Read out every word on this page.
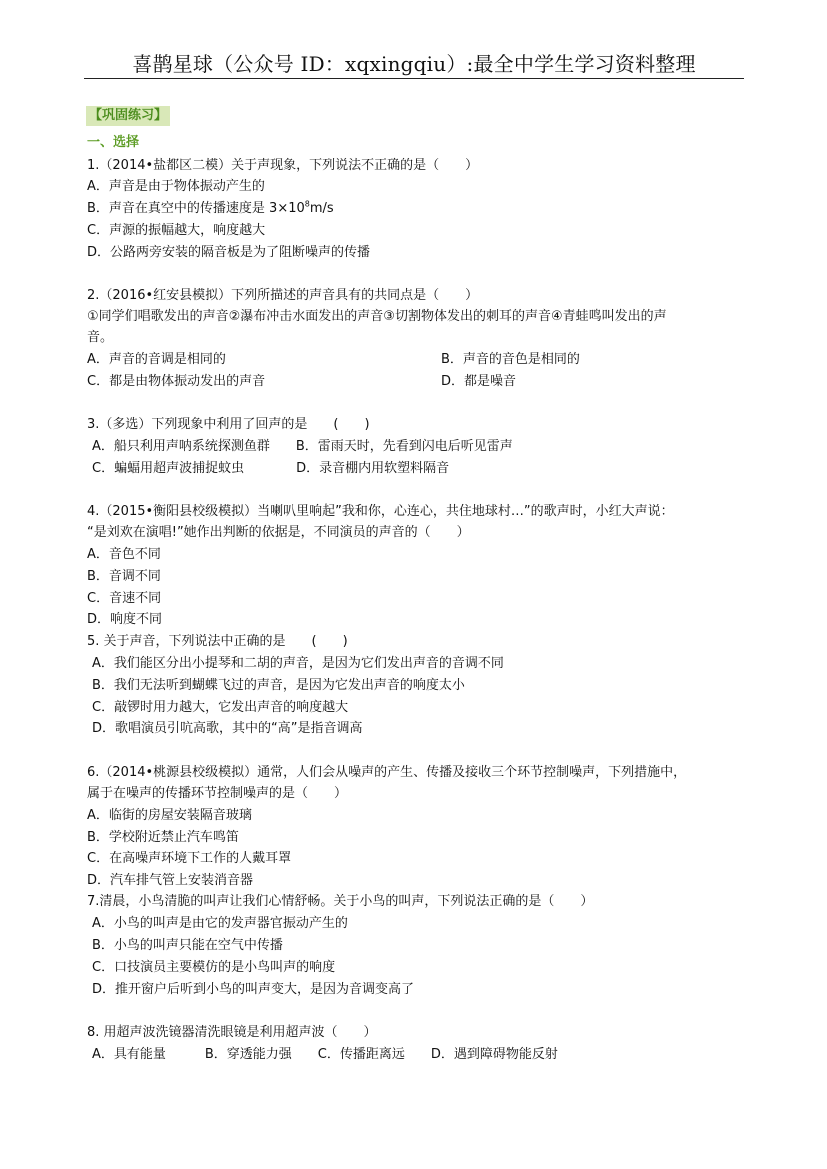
喜鹊星球（公众号 ID：xqxingqiu）:最全中学生学习资料整理
【巩固练习】
一、选择
1.（2014•盐都区二模）关于声现象，下列说法不正确的是（　　）
A．声音是由于物体振动产生的
B．声音在真空中的传播速度是 $3\times 10^8m/s$
C．声源的振幅越大，响度越大
D．公路两旁安装的隔音板是为了阻断噪声的传播
2.（2016•红安县模拟）下列所描述的声音具有的共同点是（　　）
①同学们唱歌发出的声音②瀑布冲击水面发出的声音③切割物体发出的刺耳的声音④青蛙鸣叫发出的声
音。
A．声音的音调是相同的	B．声音的音色是相同的
C．都是由物体振动发出的声音	D．都是噪音
3.（多选）下列现象中利用了回声的是　　(　　)
A．船只利用声呐系统探测鱼群　　B．雷雨天时，先看到闪电后听见雷声
C．蝙蝠用超声波捕捉蚊虫　　　　D．录音棚内用软塑料隔音
4.（2015•衡阳县校级模拟）当喇叭里响起”我和你，心连心，共住地球村…”的歌声时，小红大声说：
“是刘欢在演唱!”她作出判断的依据是，不同演员的声音的（　　）
A．音色不同
B．音调不同
C．音速不同
D．响度不同
5. 关于声音，下列说法中正确的是　　(　　)
A．我们能区分出小提琴和二胡的声音，是因为它们发出声音的音调不同
B．我们无法听到蝴蝶飞过的声音，是因为它发出声音的响度太小
C．敲锣时用力越大，它发出声音的响度越大
D．歌唱演员引吭高歌，其中的“高”是指音调高
6.（2014•桃源县校级模拟）通常，人们会从噪声的产生、传播及接收三个环节控制噪声，下列措施中，
属于在噪声的传播环节控制噪声的是（　　）
A．临街的房屋安装隔音玻璃
B．学校附近禁止汽车鸣笛
C．在高噪声环境下工作的人戴耳罩
D．汽车排气管上安装消音器
7.清晨，小鸟清脆的叫声让我们心情舒畅。关于小鸟的叫声，下列说法正确的是（　　）
A．小鸟的叫声是由它的发声器官振动产生的
B．小鸟的叫声只能在空气中传播
C．口技演员主要模仿的是小鸟叫声的响度
D．推开窗户后听到小鸟的叫声变大，是因为音调变高了
8. 用超声波洗镜器清洗眼镜是利用超声波（　　）
A．具有能量　　　B．穿透能力强　　C．传播距离远　　D．遇到障碍物能反射
